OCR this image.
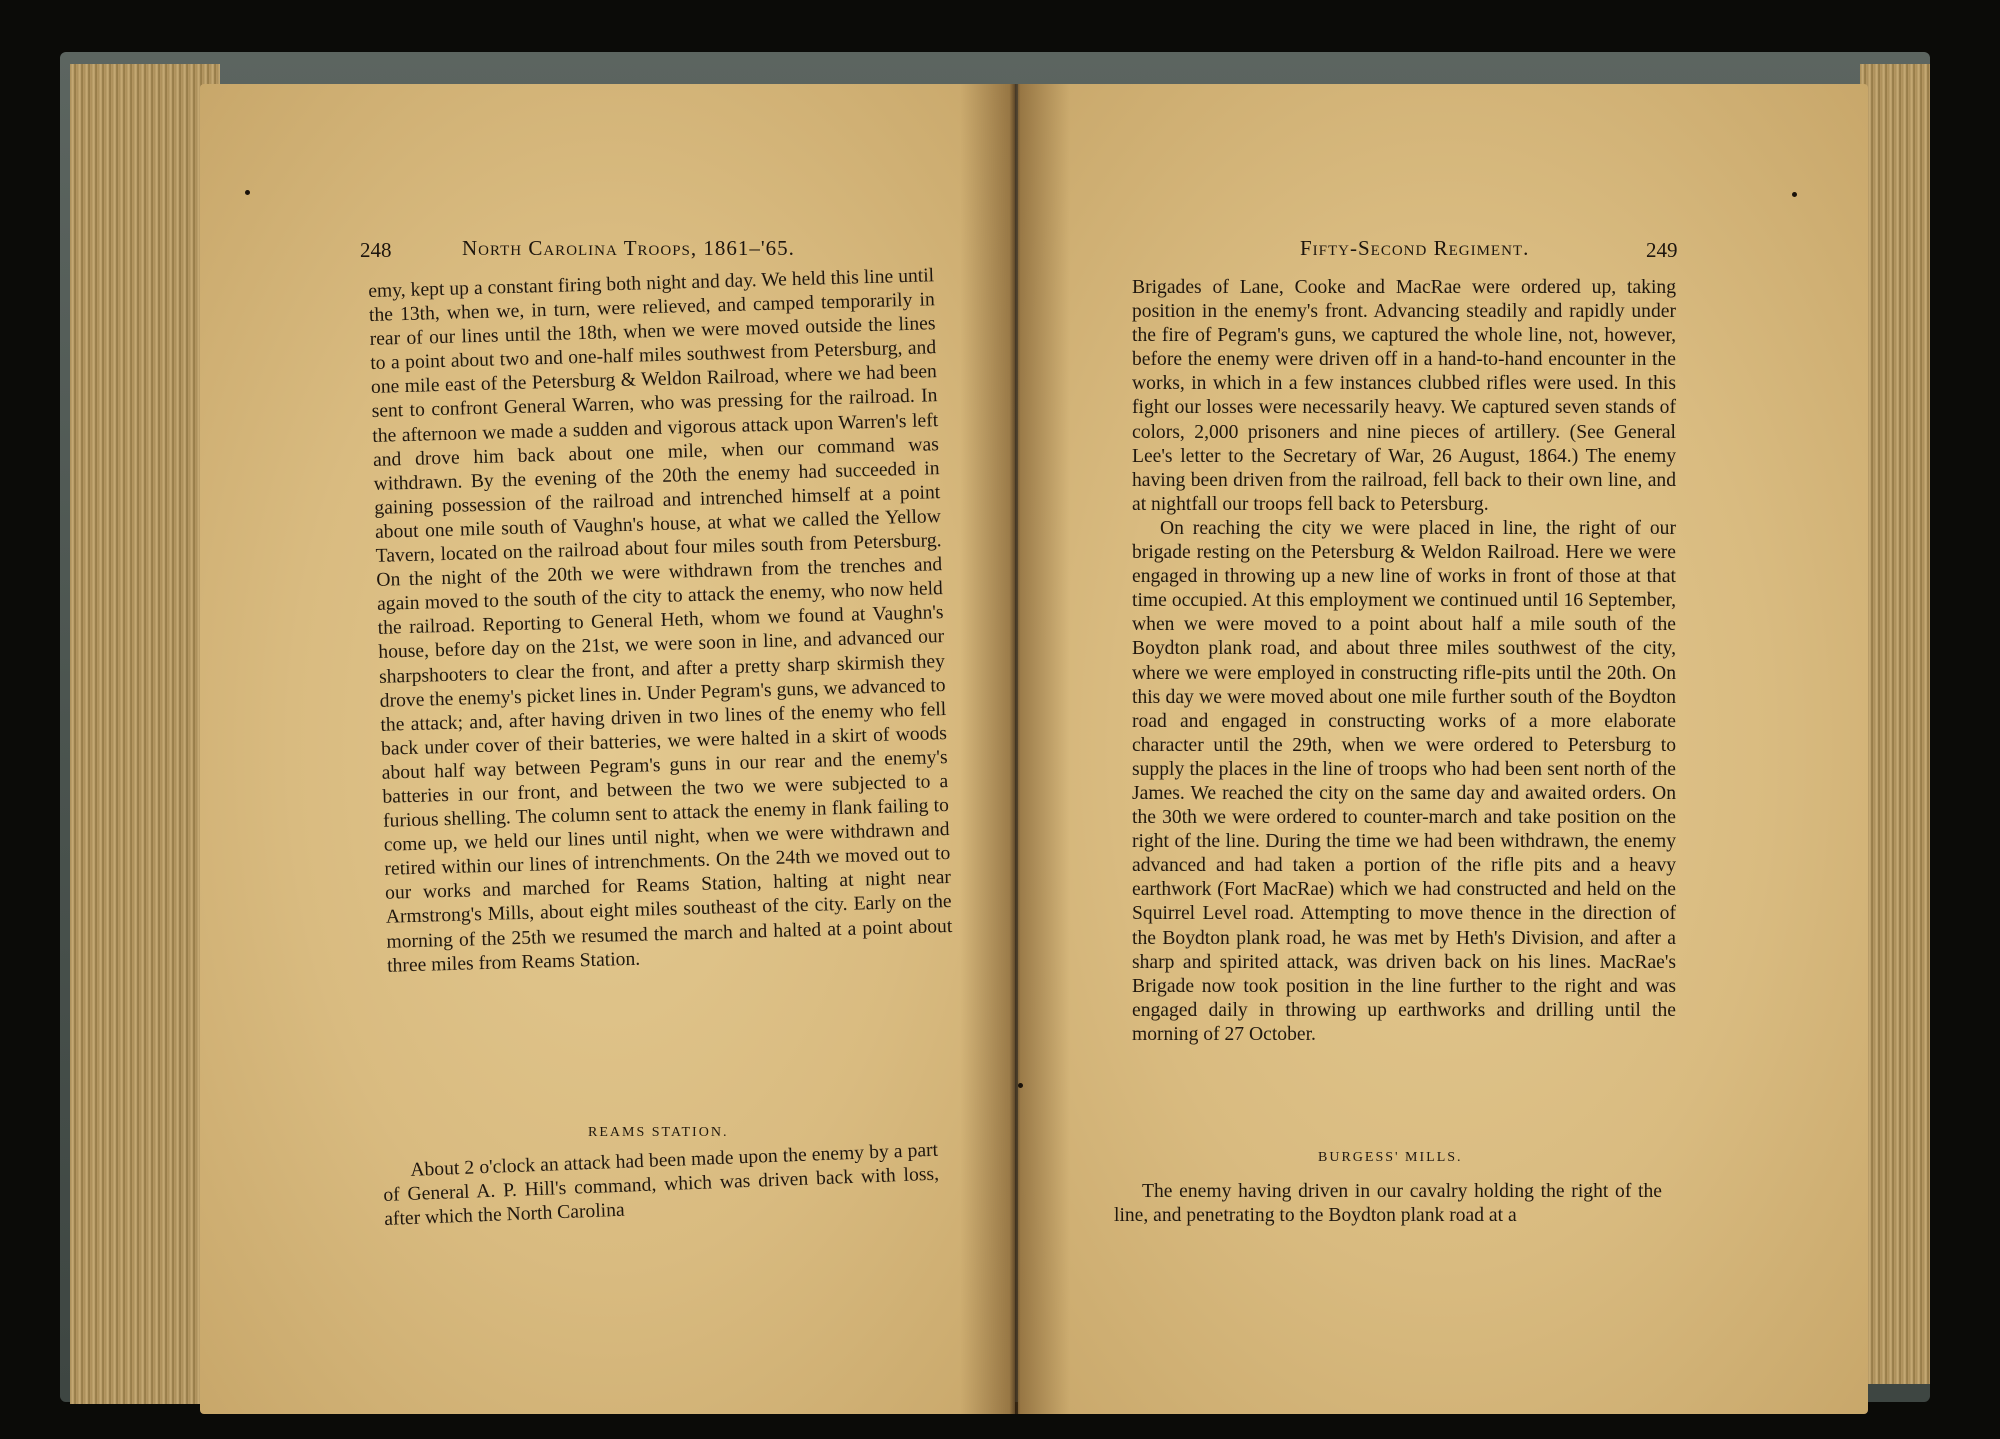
248	North Carolina Troops, 1861–'65.

emy, kept up a constant firing both night and day. We held this line until the 13th, when we, in turn, were relieved, and camped temporarily in rear of our lines until the 18th, when we were moved outside the lines to a point about two and one-half miles southwest from Petersburg, and one mile east of the Petersburg & Weldon Railroad, where we had been sent to confront General Warren, who was pressing for the railroad. In the afternoon we made a sudden and vigorous attack upon Warren's left and drove him back about one mile, when our command was withdrawn. By the evening of the 20th the enemy had succeeded in gaining possession of the railroad and intrenched himself at a point about one mile south of Vaughn's house, at what we called the Yellow Tavern, located on the railroad about four miles south from Petersburg. On the night of the 20th we were withdrawn from the trenches and again moved to the south of the city to attack the enemy, who now held the railroad. Reporting to General Heth, whom we found at Vaughn's house, before day on the 21st, we were soon in line, and advanced our sharpshooters to clear the front, and after a pretty sharp skirmish they drove the enemy's picket lines in. Under Pegram's guns, we advanced to the attack; and, after having driven in two lines of the enemy who fell back under cover of their batteries, we were halted in a skirt of woods about half way between Pegram's guns in our rear and the enemy's batteries in our front, and between the two we were subjected to a furious shelling. The column sent to attack the enemy in flank failing to come up, we held our lines until night, when we were withdrawn and retired within our lines of intrenchments. On the 24th we moved out to our works and marched for Reams Station, halting at night near Armstrong's Mills, about eight miles southeast of the city. Early on the morning of the 25th we resumed the march and halted at a point about three miles from Reams Station.

REAMS STATION.

About 2 o'clock an attack had been made upon the enemy by a part of General A. P. Hill's command, which was driven back with loss, after which the North Carolina

Fifty-Second Regiment.	249

Brigades of Lane, Cooke and MacRae were ordered up, taking position in the enemy's front. Advancing steadily and rapidly under the fire of Pegram's guns, we captured the whole line, not, however, before the enemy were driven off in a hand-to-hand encounter in the works, in which in a few instances clubbed rifles were used. In this fight our losses were necessarily heavy. We captured seven stands of colors, 2,000 prisoners and nine pieces of artillery. (See General Lee's letter to the Secretary of War, 26 August, 1864.) The enemy having been driven from the railroad, fell back to their own line, and at nightfall our troops fell back to Petersburg.

On reaching the city we were placed in line, the right of our brigade resting on the Petersburg & Weldon Railroad. Here we were engaged in throwing up a new line of works in front of those at that time occupied. At this employment we continued until 16 September, when we were moved to a point about half a mile south of the Boydton plank road, and about three miles southwest of the city, where we were employed in constructing rifle-pits until the 20th. On this day we were moved about one mile further south of the Boydton road and engaged in constructing works of a more elaborate character until the 29th, when we were ordered to Petersburg to supply the places in the line of troops who had been sent north of the James. We reached the city on the same day and awaited orders. On the 30th we were ordered to counter-march and take position on the right of the line. During the time we had been withdrawn, the enemy advanced and had taken a portion of the rifle pits and a heavy earthwork (Fort MacRae) which we had constructed and held on the Squirrel Level road. Attempting to move thence in the direction of the Boydton plank road, he was met by Heth's Division, and after a sharp and spirited attack, was driven back on his lines. MacRae's Brigade now took position in the line further to the right and was engaged daily in throwing up earthworks and drilling until the morning of 27 October.

BURGESS' MILLS.

The enemy having driven in our cavalry holding the right of the line, and penetrating to the Boydton plank road at a
